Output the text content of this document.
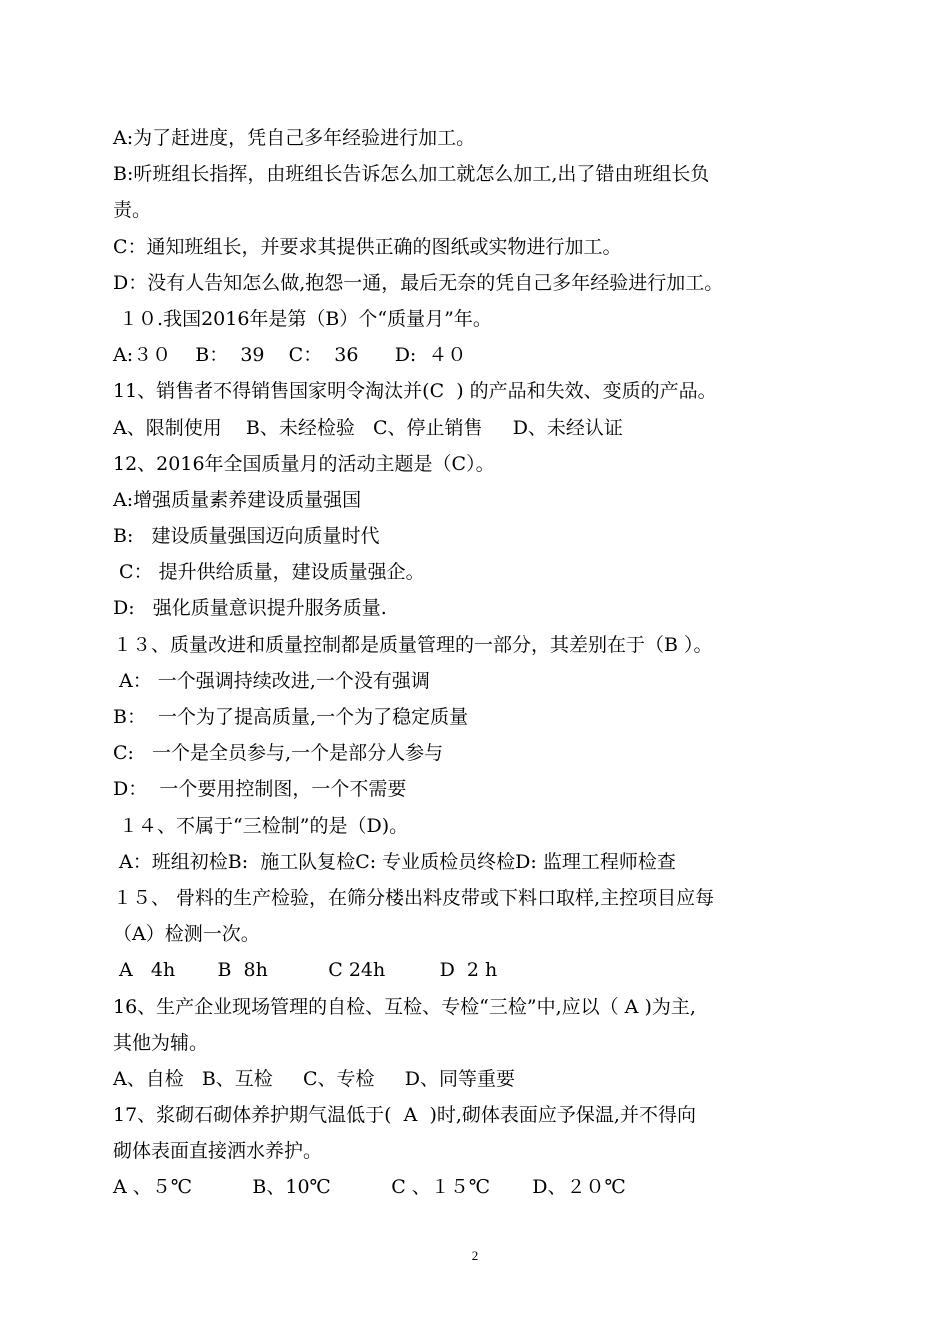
A:为了赶进度，凭自己多年经验进行加工。
B:听班组长指挥，由班组长告诉怎么加工就怎么加工,出了错由班组长负
责。
C：通知班组长，并要求其提供正确的图纸或实物进行加工。
D：没有人告知怎么做,抱怨一通，最后无奈的凭自己多年经验进行加工。
１０.我国2016年是第（B）个“质量月”年。
A:３０    B：  39    C：  36      D:  ４０
11、销售者不得销售国家明令淘汰并(C  ) 的产品和失效、变质的产品。
A、限制使用    B、未经检验   C、停止销售     D、未经认证
12、2016年全国质量月的活动主题是（C）。
A:增强质量素养建设质量强国
B:   建设质量强国迈向质量时代
C： 提升供给质量，建设质量强企。
D:   强化质量意识提升服务质量.
１３、质量改进和质量控制都是质量管理的一部分，其差别在于（B ）。
A： 一个强调持续改进,一个没有强调
B：  一个为了提高质量,一个为了稳定质量
C:   一个是全员参与,一个是部分人参与
D：  一个要用控制图，一个不需要
１４、不属于“三检制”的是（D)。
A：班组初检B:  施工队复检C: 专业质检员终检D: 监理工程师检查
１５、 骨料的生产检验，在筛分楼出料皮带或下料口取样,主控项目应每
（A）检测一次。
A   4h       B  8h          C 24h         D  2 h
16、生产企业现场管理的自检、互检、专检“三检”中,应以（ A )为主,
其他为辅。
A、自检   B、互检     C、专检     D、同等重要
17、浆砌石砌体养护期气温低于(  A  )时,砌体表面应予保温,并不得向
砌体表面直接洒水养护。
A 、５℃          B、10℃          C 、１５℃       D、２０℃
2
